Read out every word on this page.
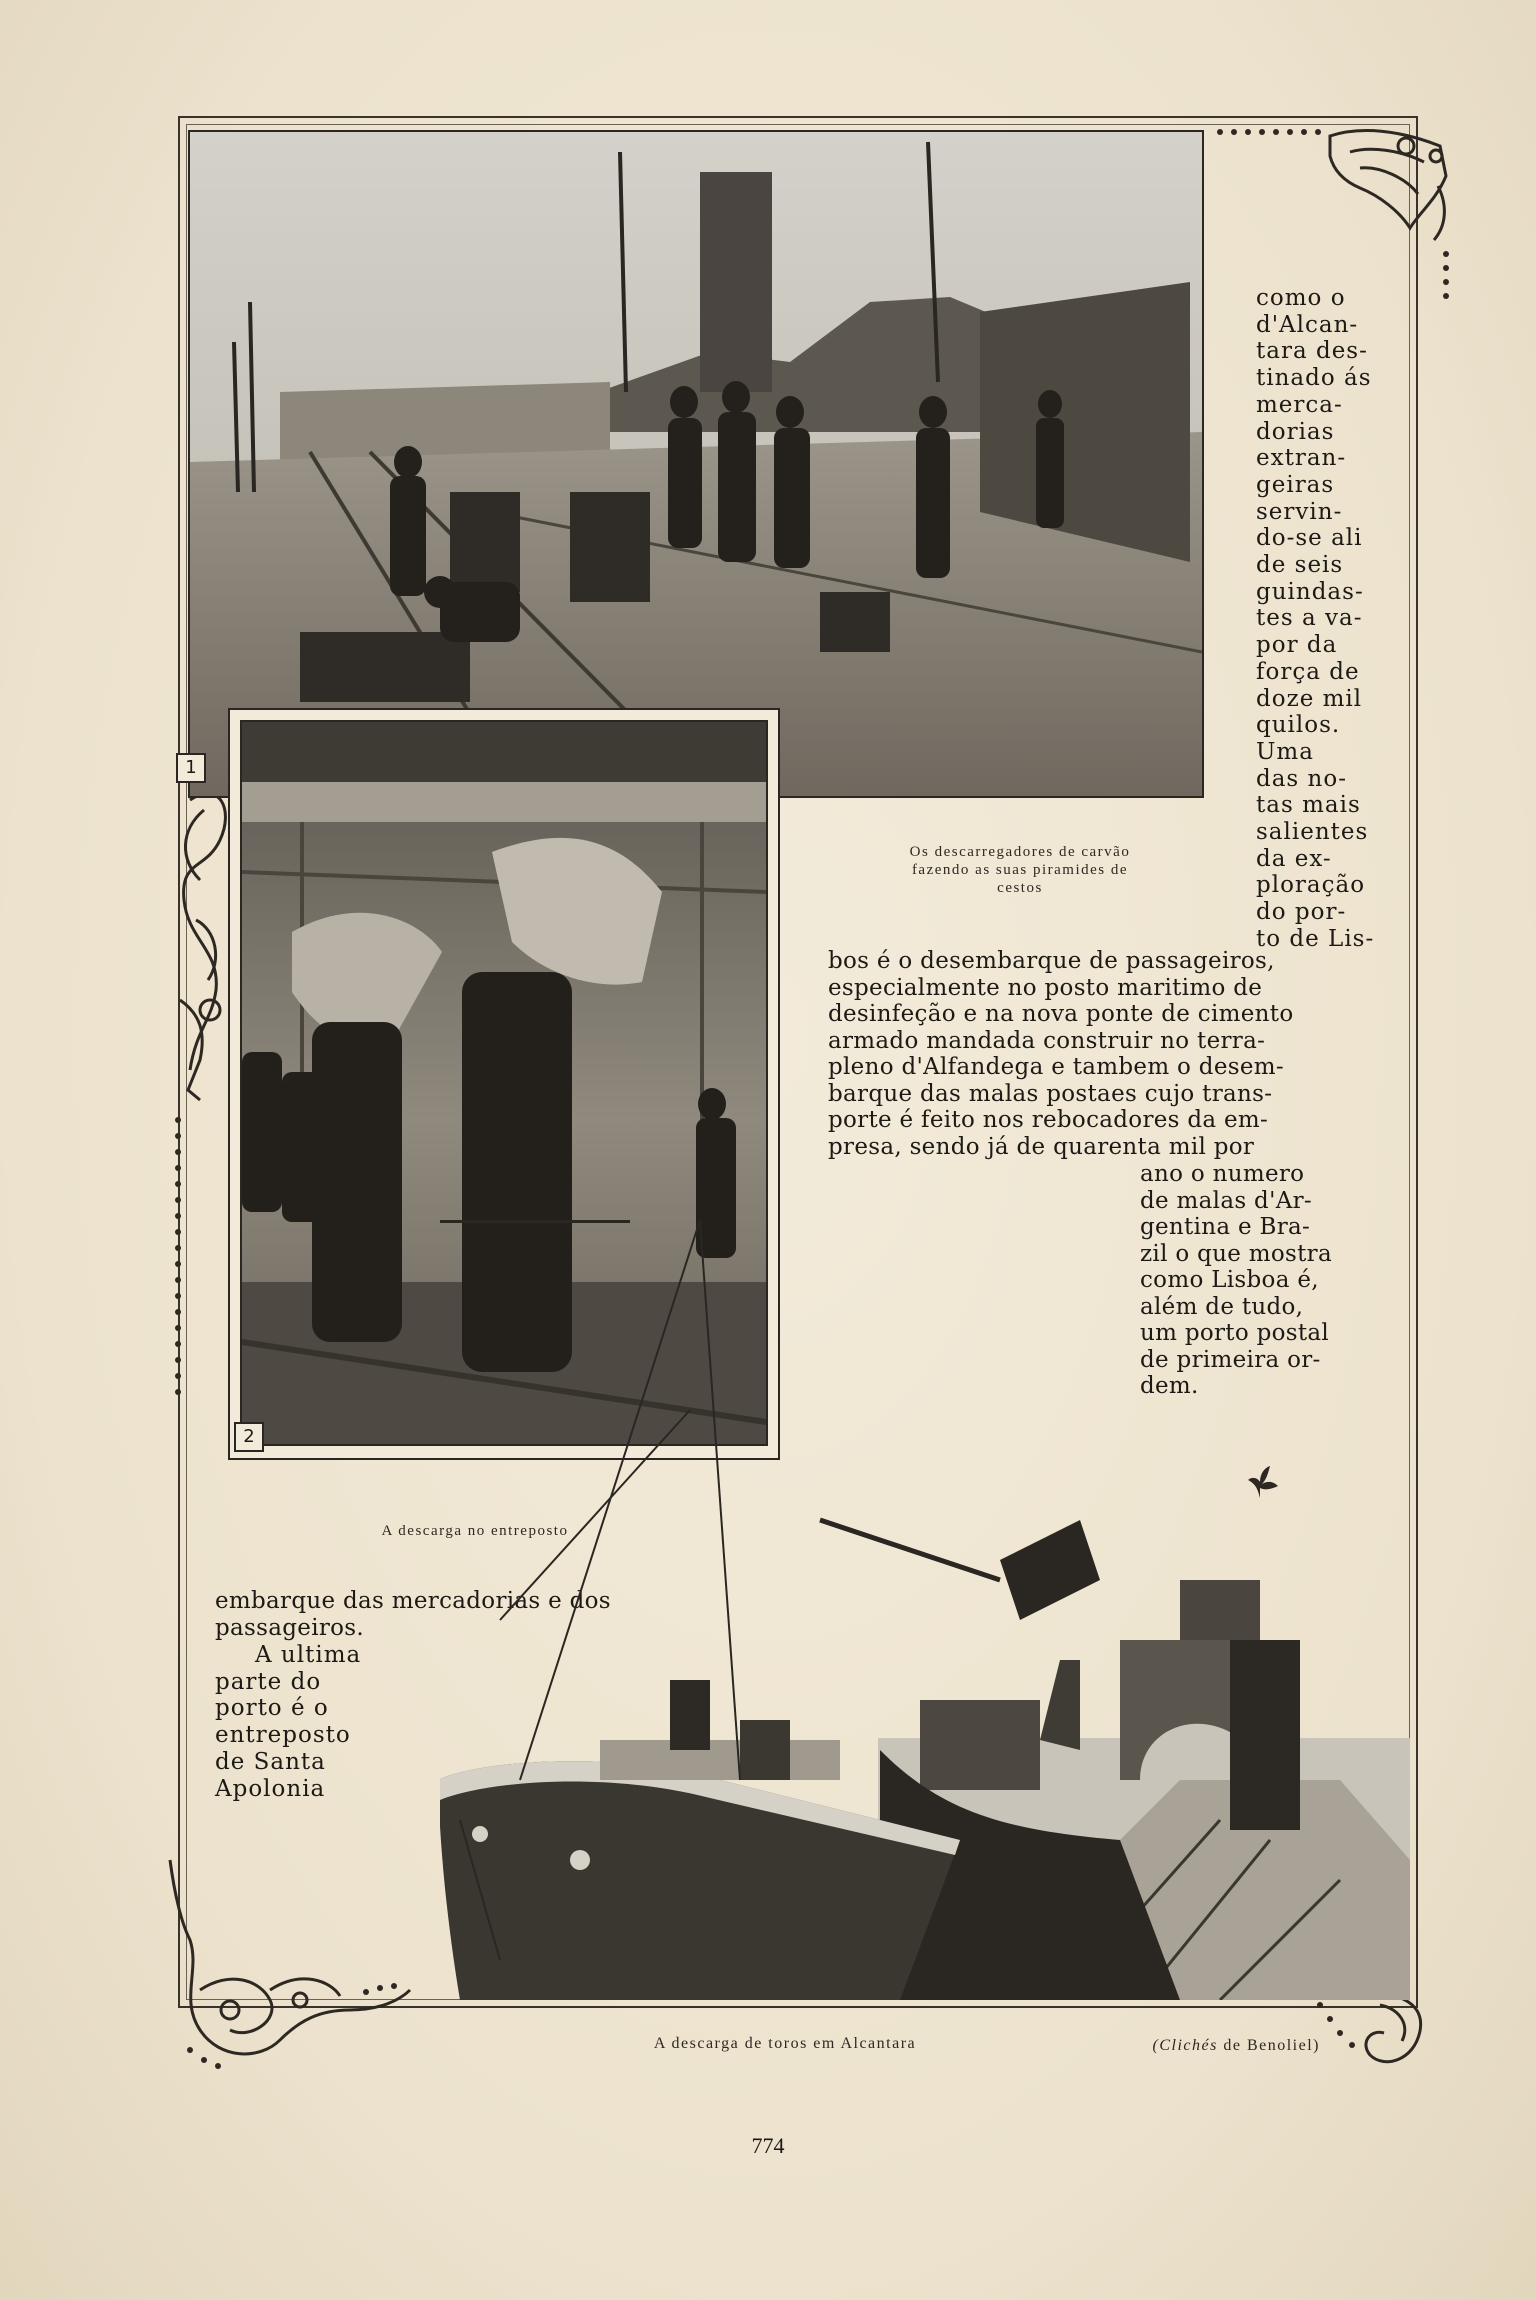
1
Os descarregadores de carvão
fazendo as suas piramides de
cestos
2
A descarga no entreposto
como o
d'Alcan-
tara des-
tinado ás
merca-
dorias
extran-
geiras
servin-
do-se ali
de seis
guindas-
tes a va-
por da
força de
doze mil
quilos.
Uma
das no-
tas mais
salientes
da ex-
ploração
do por-
to de Lis-
bos é o desembarque de passageiros,
especialmente no posto maritimo de
desinfeção e na nova ponte de cimento
armado mandada construir no terra-
pleno d'Alfandega e tambem o desem-
barque das malas postaes cujo trans-
porte é feito nos rebocadores da em-
presa, sendo já de quarenta mil por
ano o numero
de malas d'Ar-
gentina e Bra-
zil o que mostra
como Lisboa é,
além de tudo,
um porto postal
de primeira or-
dem.
embarque das mercadorias e dos
passageiros.
A ultima
parte do
porto é o
entreposto
de Santa
Apolonia
A descarga de toros em Alcantara	(Clichés de Benoliel)
774
